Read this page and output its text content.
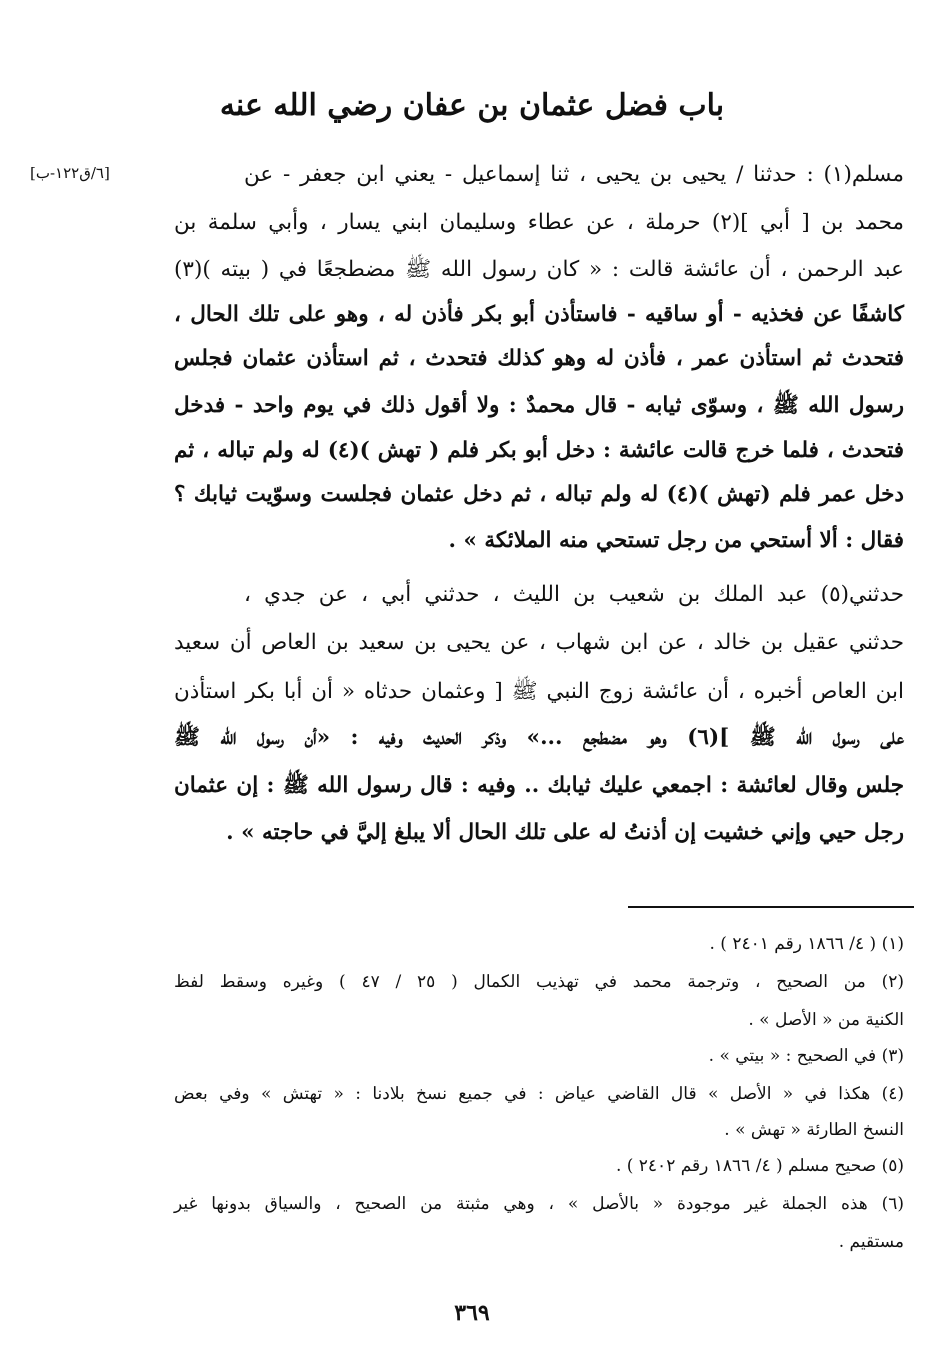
باب فضل عثمان بن عفان رضي الله عنه
[٦/ق١٢٢-ب]	مسلم(١) : حدثنا / يحيى بن يحيى ، ثنا إسماعيل - يعني ابن جعفر - عن
محمد بن [ أبي ](٢) حرملة ، عن عطاء وسليمان ابني يسار ، وأبي سلمة بن
عبد الرحمن ، أن عائشة قالت : « كان رسول الله ﷺ مضطجعًا في ( بيته )(٣)
كاشفًا عن فخذيه - أو ساقيه - فاستأذن أبو بكر فأذن له ، وهو على تلك الحال ،
فتحدث ثم استأذن عمر ، فأذن له وهو كذلك فتحدث ، ثم استأذن عثمان فجلس
رسول الله ﷺ ، وسوّى ثيابه - قال محمدٌ : ولا أقول ذلك في يوم واحد - فدخل
فتحدث ، فلما خرج قالت عائشة : دخل أبو بكر فلم ( تهش )(٤) له ولم تباله ، ثم
دخل عمر فلم (تهش )(٤) له ولم تباله ، ثم دخل عثمان فجلست وسوّيت ثيابك ؟
فقال : ألا أستحي من رجل تستحي منه الملائكة » .
حدثني(٥) عبد الملك بن شعيب بن الليث ، حدثني أبي ، عن جدي ،
حدثني عقيل بن خالد ، عن ابن شهاب ، عن يحيى بن سعيد بن العاص أن سعيد
ابن العاص أخبره ، أن عائشة زوج النبي ﷺ [ وعثمان حدثاه « أن أبا بكر استأذن
على رسول الله ﷺ ](٦) وهو مضطجع ...» وذكر الحديث وفيه : «أن رسول الله ﷺ
جلس وقال لعائشة : اجمعي عليك ثيابك .. وفيه : قال رسول الله ﷺ : إن عثمان
رجل حيي وإني خشيت إن أذنتُ له على تلك الحال ألا يبلغ إليَّ في حاجته » .
(١) ( ٤/ ١٨٦٦ رقم ٢٤٠١ ) .
(٢) من الصحيح ، وترجمة محمد في تهذيب الكمال ( ٢٥ / ٤٧ ) وغيره وسقط لفظ
الكنية من « الأصل » .
(٣) في الصحيح : « بيتي » .
(٤) هكذا في « الأصل » قال القاضي عياض : في جميع نسخ بلادنا : « تهتش » وفي بعض
النسخ الطارئة « تهش » .
(٥) صحيح مسلم ( ٤/ ١٨٦٦ رقم ٢٤٠٢ ) .
(٦) هذه الجملة غير موجودة « بالأصل » ، وهي مثبتة من الصحيح ، والسياق بدونها غير
مستقيم .
٣٦٩
